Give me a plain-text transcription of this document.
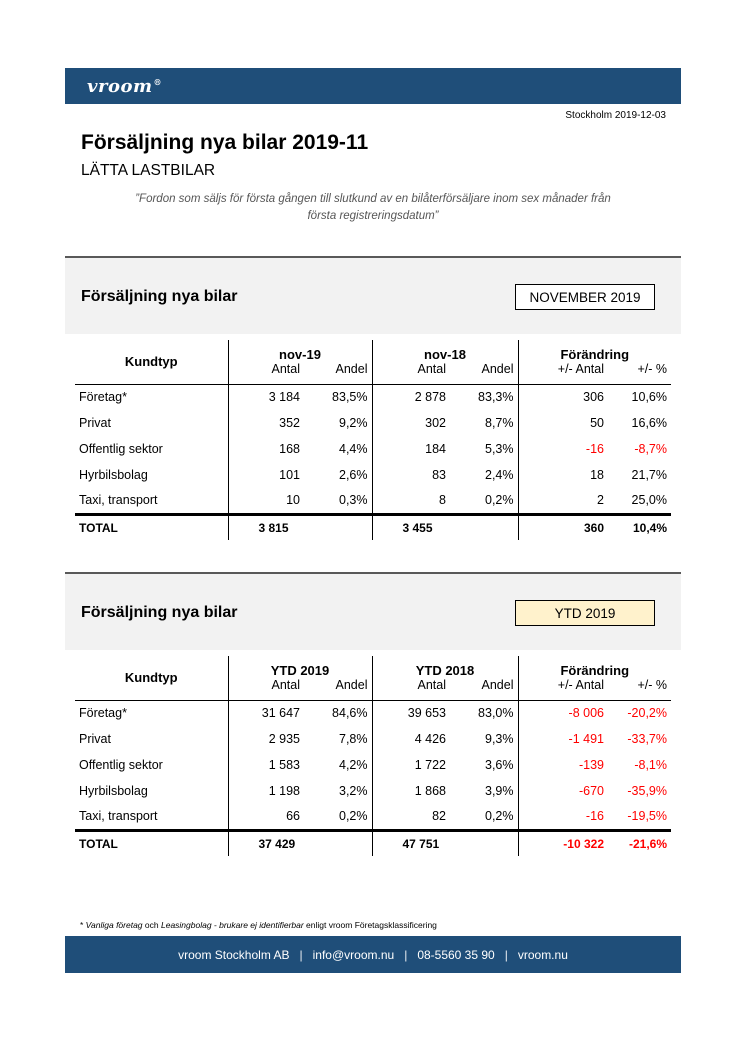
vroom®
Stockholm 2019-12-03
Försäljning nya bilar 2019-11
LÄTTA LASTBILAR
”Fordon som säljs för första gången till slutkund av en bilåterförsäljare inom sex månader från
första registreringsdatum”
Försäljning nya bilar	NOVEMBER 2019
Kundtyp	nov-19		nov-18		Förändring	
	Antal	Andel	Antal	Andel	+/- Antal	+/- %
Företag*	3 184	83,5%	2 878	83,3%	306	10,6%
Privat	352	9,2%	302	8,7%	50	16,6%
Offentlig sektor	168	4,4%	184	5,3%	-16	-8,7%
Hyrbilsbolag	101	2,6%	83	2,4%	18	21,7%
Taxi, transport	10	0,3%	8	0,2%	2	25,0%
TOTAL	3 815		3 455		360	10,4%
Försäljning nya bilar	YTD 2019
Kundtyp	YTD 2019		YTD 2018		Förändring	
	Antal	Andel	Antal	Andel	+/- Antal	+/- %
Företag*	31 647	84,6%	39 653	83,0%	-8 006	-20,2%
Privat	2 935	7,8%	4 426	9,3%	-1 491	-33,7%
Offentlig sektor	1 583	4,2%	1 722	3,6%	-139	-8,1%
Hyrbilsbolag	1 198	3,2%	1 868	3,9%	-670	-35,9%
Taxi, transport	66	0,2%	82	0,2%	-16	-19,5%
TOTAL	37 429		47 751		-10 322	-21,6%
* Vanliga företag och Leasingbolag - brukare ej identifierbar enligt vroom Företagsklassificering
vroom Stockholm AB | info@vroom.nu | 08-5560 35 90 | vroom.nu
